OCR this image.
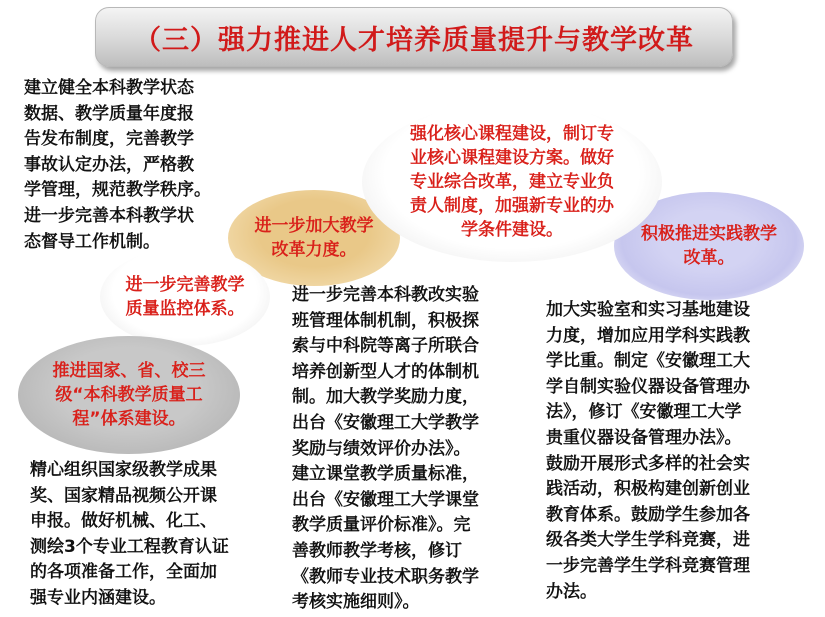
（三）强力推进人才培养质量提升与教学改革
建立健全本科教学状态
数据、教学质量年度报
告发布制度，完善教学
事故认定办法，严格教
学管理，规范教学秩序。
进一步完善本科教学状
态督导工作机制。	积极推进实践教学
改革。
进一步加大教学
改革力度。
强化核心课程建设，制订专
业核心课程建设方案。做好
专业综合改革，建立专业负
责人制度，加强新专业的办
学条件建设。
进一步完善教学
质量监控体系。
推进国家、省、校三
级“本科教学质量工
程”体系建设。
进一步完善本科教改实验
班管理体制机制，积极探
索与中科院等离子所联合
培养创新型人才的体制机
制。加大教学奖励力度，
出台《安徽理工大学教学
奖励与绩效评价办法》。
建立课堂教学质量标准，
出台《安徽理工大学课堂
教学质量评价标准》。完
善教师教学考核，修订
《教师专业技术职务教学
考核实施细则》。
加大实验室和实习基地建设
力度，增加应用学科实践教
学比重。制定《安徽理工大
学自制实验仪器设备管理办
法》，修订《安徽理工大学
贵重仪器设备管理办法》。
鼓励开展形式多样的社会实
践活动，积极构建创新创业
教育体系。鼓励学生参加各
级各类大学生学科竞赛，进
一步完善学生学科竞赛管理
办法。
精心组织国家级教学成果
奖、国家精品视频公开课
申报。做好机械、化工、
测绘3个专业工程教育认证
的各项准备工作，全面加
强专业内涵建设。
